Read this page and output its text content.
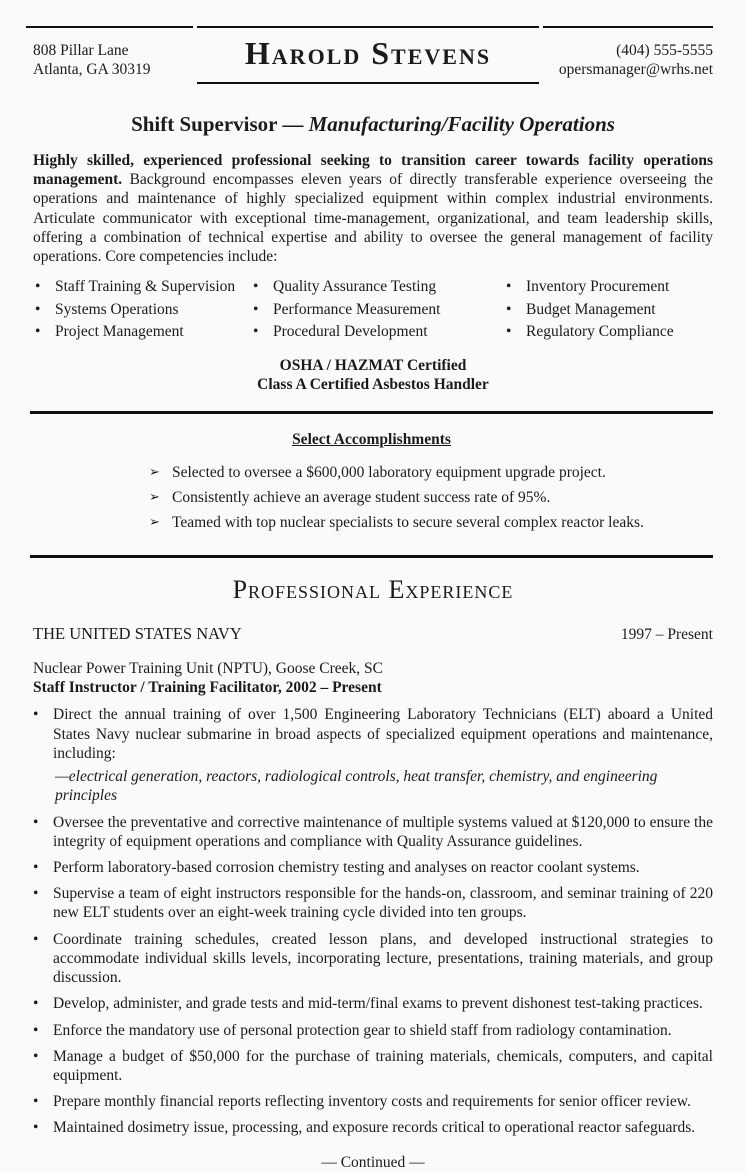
808 Pillar Lane
Atlanta, GA 30319	Harold Stevens	(404) 555-5555
opersmanager@wrhs.net
Shift Supervisor — Manufacturing/Facility Operations

Highly skilled, experienced professional seeking to transition career towards facility operations management. Background encompasses eleven years of directly transferable experience overseeing the operations and maintenance of highly specialized equipment within complex industrial environments. Articulate communicator with exceptional time-management, organizational, and team leadership skills, offering a combination of technical expertise and ability to oversee the general management of facility operations. Core competencies include:

• Staff Training & Supervision
• Systems Operations
• Project Management
• Quality Assurance Testing
• Performance Measurement
• Procedural Development
• Inventory Procurement
• Budget Management
• Regulatory Compliance
OSHA / HAZMAT Certified
Class A Certified Asbestos Handler
Select Accomplishments
➢ Selected to oversee a $600,000 laboratory equipment upgrade project.
➢ Consistently achieve an average student success rate of 95%.
➢ Teamed with top nuclear specialists to secure several complex reactor leaks.
Professional Experience
THE UNITED STATES NAVY	1997 – Present
Nuclear Power Training Unit (NPTU), Goose Creek, SC
Staff Instructor / Training Facilitator, 2002 – Present
• Direct the annual training of over 1,500 Engineering Laboratory Technicians (ELT) aboard a United States Navy nuclear submarine in broad aspects of specialized equipment operations and maintenance, including:
—electrical generation, reactors, radiological controls, heat transfer, chemistry, and engineering principles
• Oversee the preventative and corrective maintenance of multiple systems valued at $120,000 to ensure the integrity of equipment operations and compliance with Quality Assurance guidelines.
• Perform laboratory-based corrosion chemistry testing and analyses on reactor coolant systems.
• Supervise a team of eight instructors responsible for the hands-on, classroom, and seminar training of 220 new ELT students over an eight-week training cycle divided into ten groups.
• Coordinate training schedules, created lesson plans, and developed instructional strategies to accommodate individual skills levels, incorporating lecture, presentations, training materials, and group discussion.
• Develop, administer, and grade tests and mid-term/final exams to prevent dishonest test-taking practices.
• Enforce the mandatory use of personal protection gear to shield staff from radiology contamination.
• Manage a budget of $50,000 for the purchase of training materials, chemicals, computers, and capital equipment.
• Prepare monthly financial reports reflecting inventory costs and requirements for senior officer review.
• Maintained dosimetry issue, processing, and exposure records critical to operational reactor safeguards.
— Continued —
